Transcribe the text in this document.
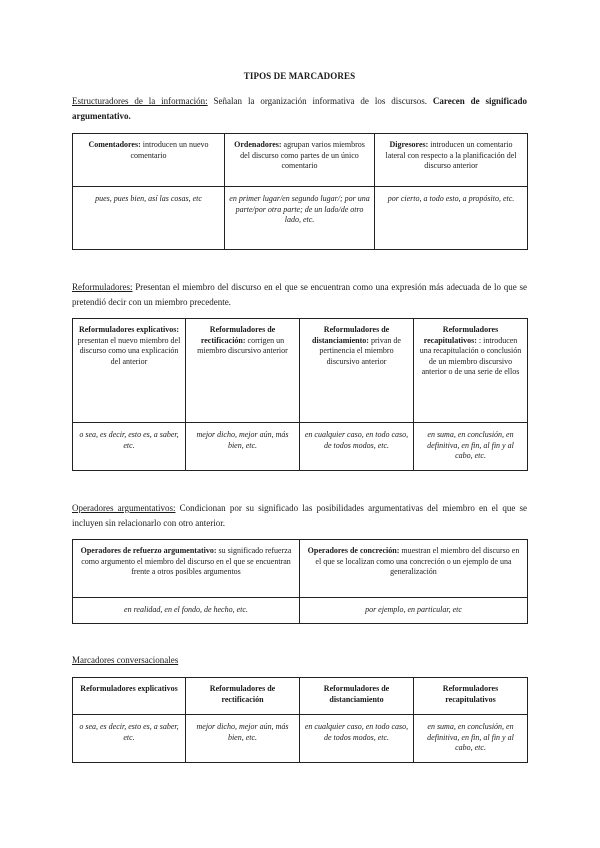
TIPOS DE MARCADORES
Estructuradores de la información: Señalan la organización informativa de los discursos. Carecen de significado argumentativo.
Comentadores: introducen un nuevo comentario	Ordenadores: agrupan varios miembros del discurso como partes de un único comentario	Digresores: introducen un comentario lateral con respecto a la planificación del discurso anterior
pues, pues bien, así las cosas, etc	en primer lugar/en segundo lugar/; por una parte/por otra parte; de un lado/de otro lado, etc.	por cierto, a todo esto, a propósito, etc.
Reformuladores: Presentan el miembro del discurso en el que se encuentran como una expresión más adecuada de lo que se pretendió decir con un miembro precedente.
Reformuladores explicativos: presentan el nuevo miembro del discurso como una explicación del anterior	Reformuladores de rectificación: corrigen un miembro discursivo anterior	Reformuladores de distanciamiento: privan de pertinencia el miembro discursivo anterior	Reformuladores recapitulativos: : introducen una recapitulación o conclusión de un miembro discursivo anterior o de una serie de ellos
o sea, es decir, esto es, a saber, etc.	mejor dicho, mejor aún, más bien, etc.	en cualquier caso, en todo caso, de todos modos, etc.	en suma, en conclusión, en definitiva, en fin, al fin y al cabo, etc.
Operadores argumentativos: Condicionan por su significado las posibilidades argumentativas del miembro en el que se incluyen sin relacionarlo con otro anterior.
Operadores de refuerzo argumentativo: su significado refuerza como argumento el miembro del discurso en el que se encuentran frente a otros posibles argumentos	Operadores de concreción: muestran el miembro del discurso en el que se localizan como una concreción o un ejemplo de una generalización
en realidad, en el fondo, de hecho, etc.	por ejemplo, en particular, etc
Marcadores conversacionales
Reformuladores explicativos	Reformuladores de rectificación	Reformuladores de distanciamiento	Reformuladores recapitulativos
o sea, es decir, esto es, a saber, etc.	mejor dicho, mejor aún, más bien, etc.	en cualquier caso, en todo caso, de todos modos, etc.	en suma, en conclusión, en definitiva, en fin, al fin y al cabo, etc.
